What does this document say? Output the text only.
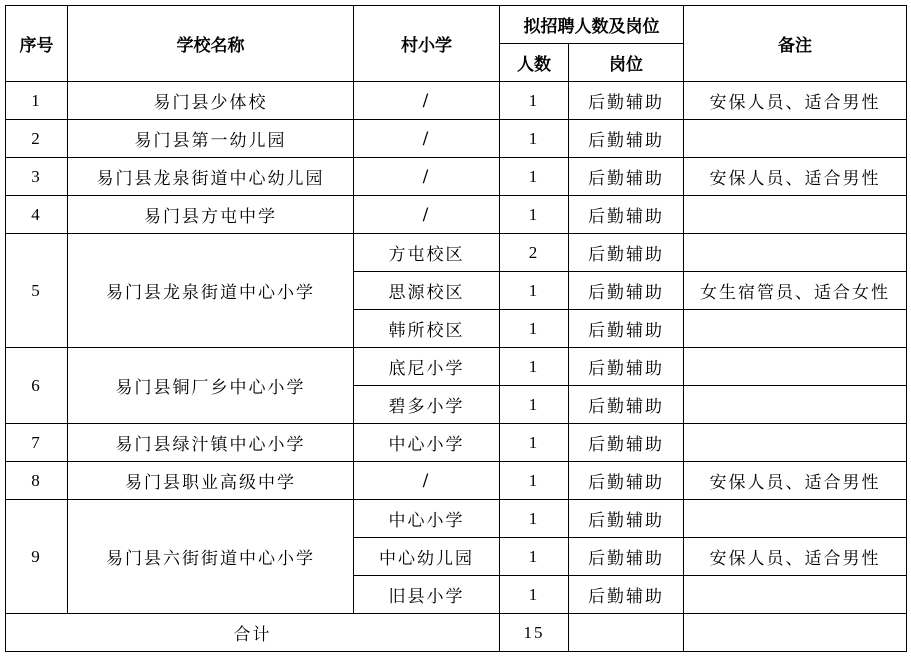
序号	学校名称	村小学	拟招聘人数及岗位		备注
			人数	岗位	
1	易门县少体校	/	1	后勤辅助	安保人员、适合男性
2	易门县第一幼儿园	/	1	后勤辅助	
3	易门县龙泉街道中心幼儿园	/	1	后勤辅助	安保人员、适合男性
4	易门县方屯中学	/	1	后勤辅助	
5	易门县龙泉街道中心小学	方屯校区	2	后勤辅助	
		思源校区	1	后勤辅助	女生宿管员、适合女性
		韩所校区	1	后勤辅助	
6	易门县铜厂乡中心小学	底尼小学	1	后勤辅助	
		碧多小学	1	后勤辅助	
7	易门县绿汁镇中心小学	中心小学	1	后勤辅助	
8	易门县职业高级中学	/	1	后勤辅助	安保人员、适合男性
9	易门县六街街道中心小学	中心小学	1	后勤辅助	
		中心幼儿园	1	后勤辅助	安保人员、适合男性
		旧县小学	1	后勤辅助	
合计			15		
